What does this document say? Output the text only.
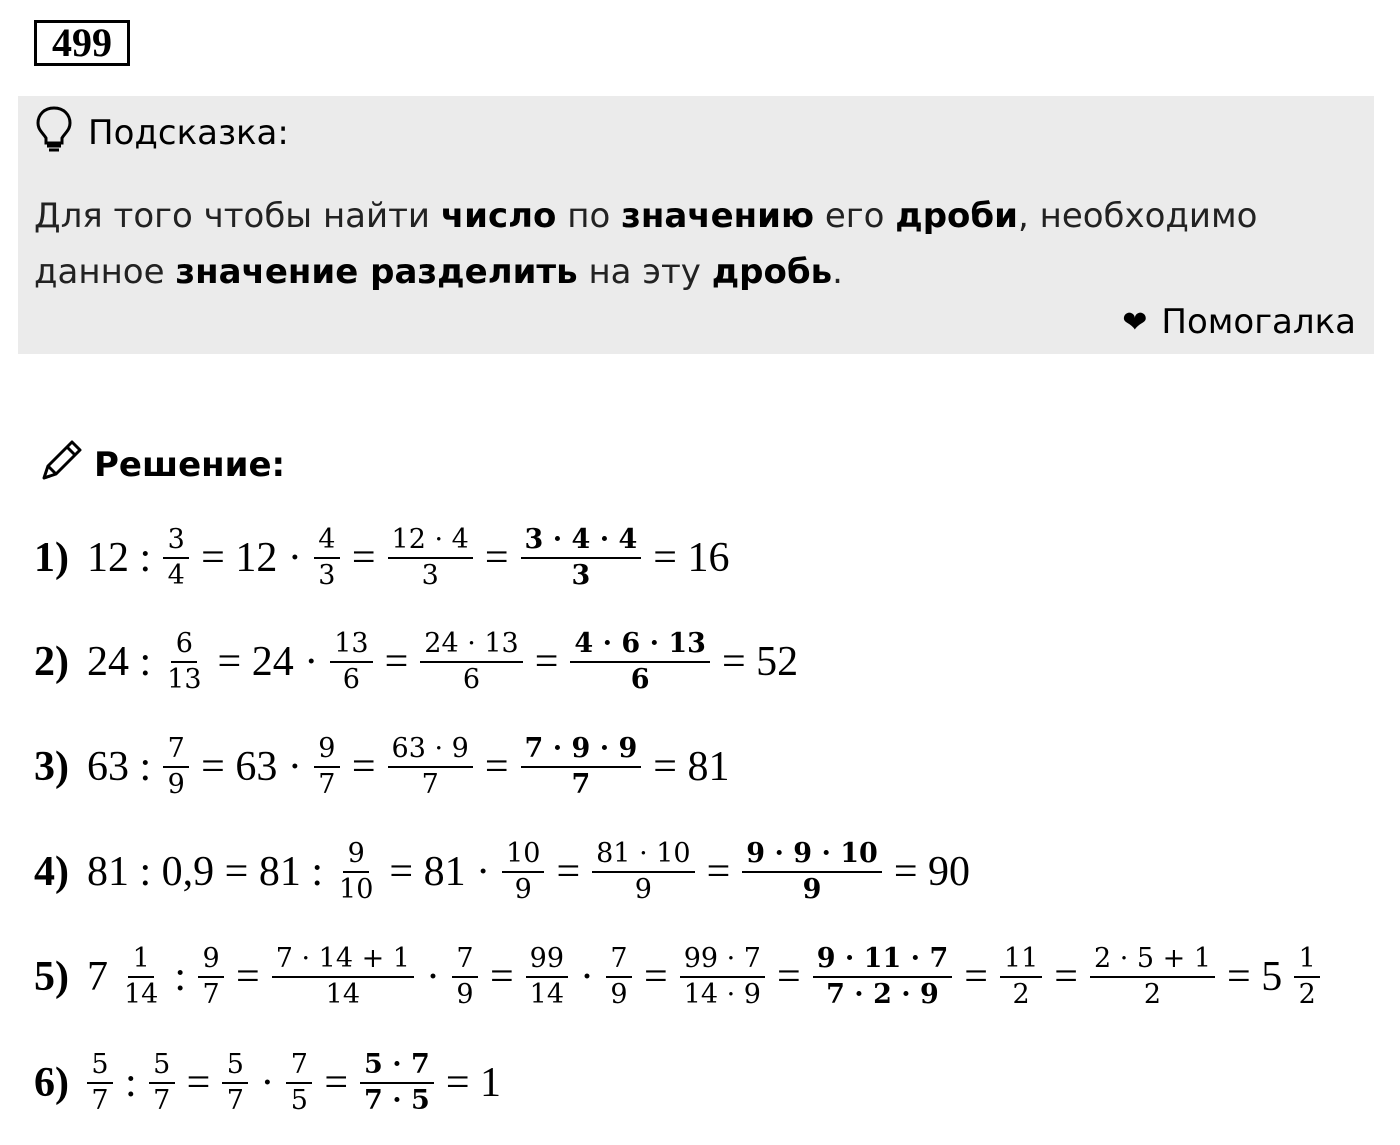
499
Подсказка:
Для того чтобы найти число по значению его дроби, необходимо данное значение разделить на эту дробь.
❤ Помогалка
Решение:
1) 12 : $\frac{3}{4} = 12 \cdot \frac{4}{3} = \frac{12 \cdot 4}{3} = \frac{3 \cdot 4 \cdot 4}{3} = 16$
2) 24 : $\frac{6}{13} = 24 \cdot \frac{13}{6} = \frac{24 \cdot 13}{6} = \frac{4 \cdot 6 \cdot 13}{6} = 52$
3) 63 : $\frac{7}{9} = 63 \cdot \frac{9}{7} = \frac{63 \cdot 9}{7} = \frac{7 \cdot 9 \cdot 9}{7} = 81$
4) 81 : 0,9 = 81 : $\frac{9}{10} = 81 \cdot \frac{10}{9} = \frac{81 \cdot 10}{9} = \frac{9 \cdot 9 \cdot 10}{9} = 90$
5) $7 \frac{1}{14}$ : $\frac{9}{7} = \frac{7 \cdot 14 + 1}{14} \cdot \frac{7}{9} = \frac{99}{14} \cdot \frac{7}{9} = \frac{99 \cdot 7}{14 \cdot 9} = \frac{9 \cdot 11 \cdot 7}{7 \cdot 2 \cdot 9} = \frac{11}{2} = \frac{2 \cdot 5 + 1}{2} = 5 \frac{1}{2}$
$6) \frac{5}{7}$ : $\frac{5}{7} = \frac{5}{7} \cdot \frac{7}{5} = \frac{5 \cdot 7}{7 \cdot 5} = 1$
